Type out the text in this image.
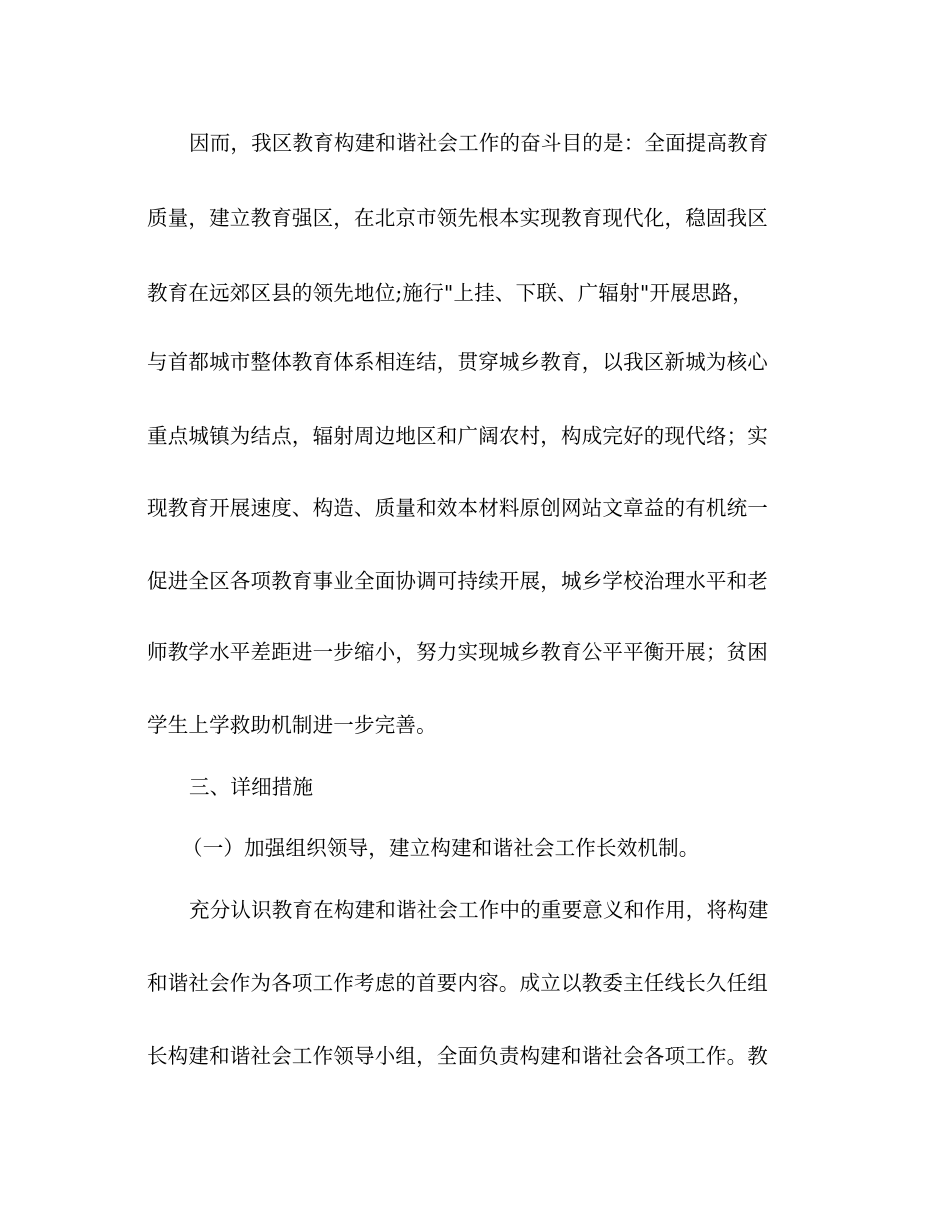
因而，我区教育构建和谐社会工作的奋斗目的是：全面提高教育
质量，建立教育强区，在北京市领先根本实现教育现代化，稳固我区
教育在远郊区县的领先地位;施行"上挂、下联、广辐射"开展思路，
与首都城市整体教育体系相连结，贯穿城乡教育，以我区新城为核心
重点城镇为结点，辐射周边地区和广阔农村，构成完好的现代络；实
现教育开展速度、构造、质量和效本材料原创网站文章益的有机统一
促进全区各项教育事业全面协调可持续开展，城乡学校治理水平和老
师教学水平差距进一步缩小，努力实现城乡教育公平平衡开展；贫困
学生上学救助机制进一步完善。
三、详细措施
（一）加强组织领导，建立构建和谐社会工作长效机制。
充分认识教育在构建和谐社会工作中的重要意义和作用，将构建
和谐社会作为各项工作考虑的首要内容。成立以教委主任线长久任组
长构建和谐社会工作领导小组，全面负责构建和谐社会各项工作。教
